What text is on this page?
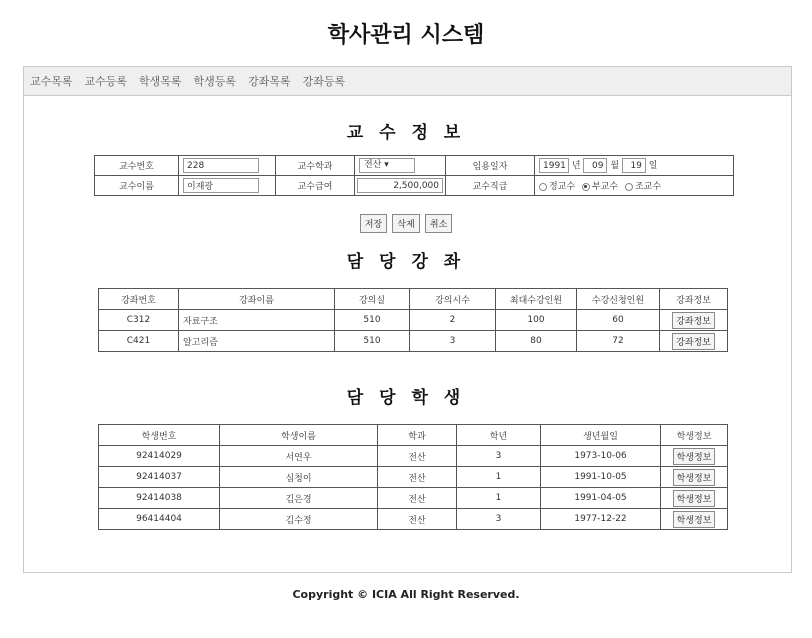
학사관리 시스템
교수목록 교수등록 학생목록 학생등록 강좌목록 강좌등록
교 수 정 보
교수번호	228	교수학과	전산 ▾	임용일자	1991년 09 월 19 일
교수이름	이재광	교수급여	2,500,000	교수직급	정교수 부교수 조교수
저장 삭제 취소
담 당 강 좌
강좌번호	강좌이름	강의실	강의시수	최대수강인원	수강신청인원	강좌정보
C312	자료구조	510	2	100	60	강좌정보
C421	알고리즘	510	3	80	72	강좌정보
담 당 학 생
학생번호	학생이름	학과	학년	생년월일	학생정보
92414029	서연우	전산	3	1973-10-06	학생정보
92414037	심청이	전산	1	1991-10-05	학생정보
92414038	김은경	전산	1	1991-04-05	학생정보
96414404	김수정	전산	3	1977-12-22	학생정보
Copyright © ICIA All Right Reserved.
